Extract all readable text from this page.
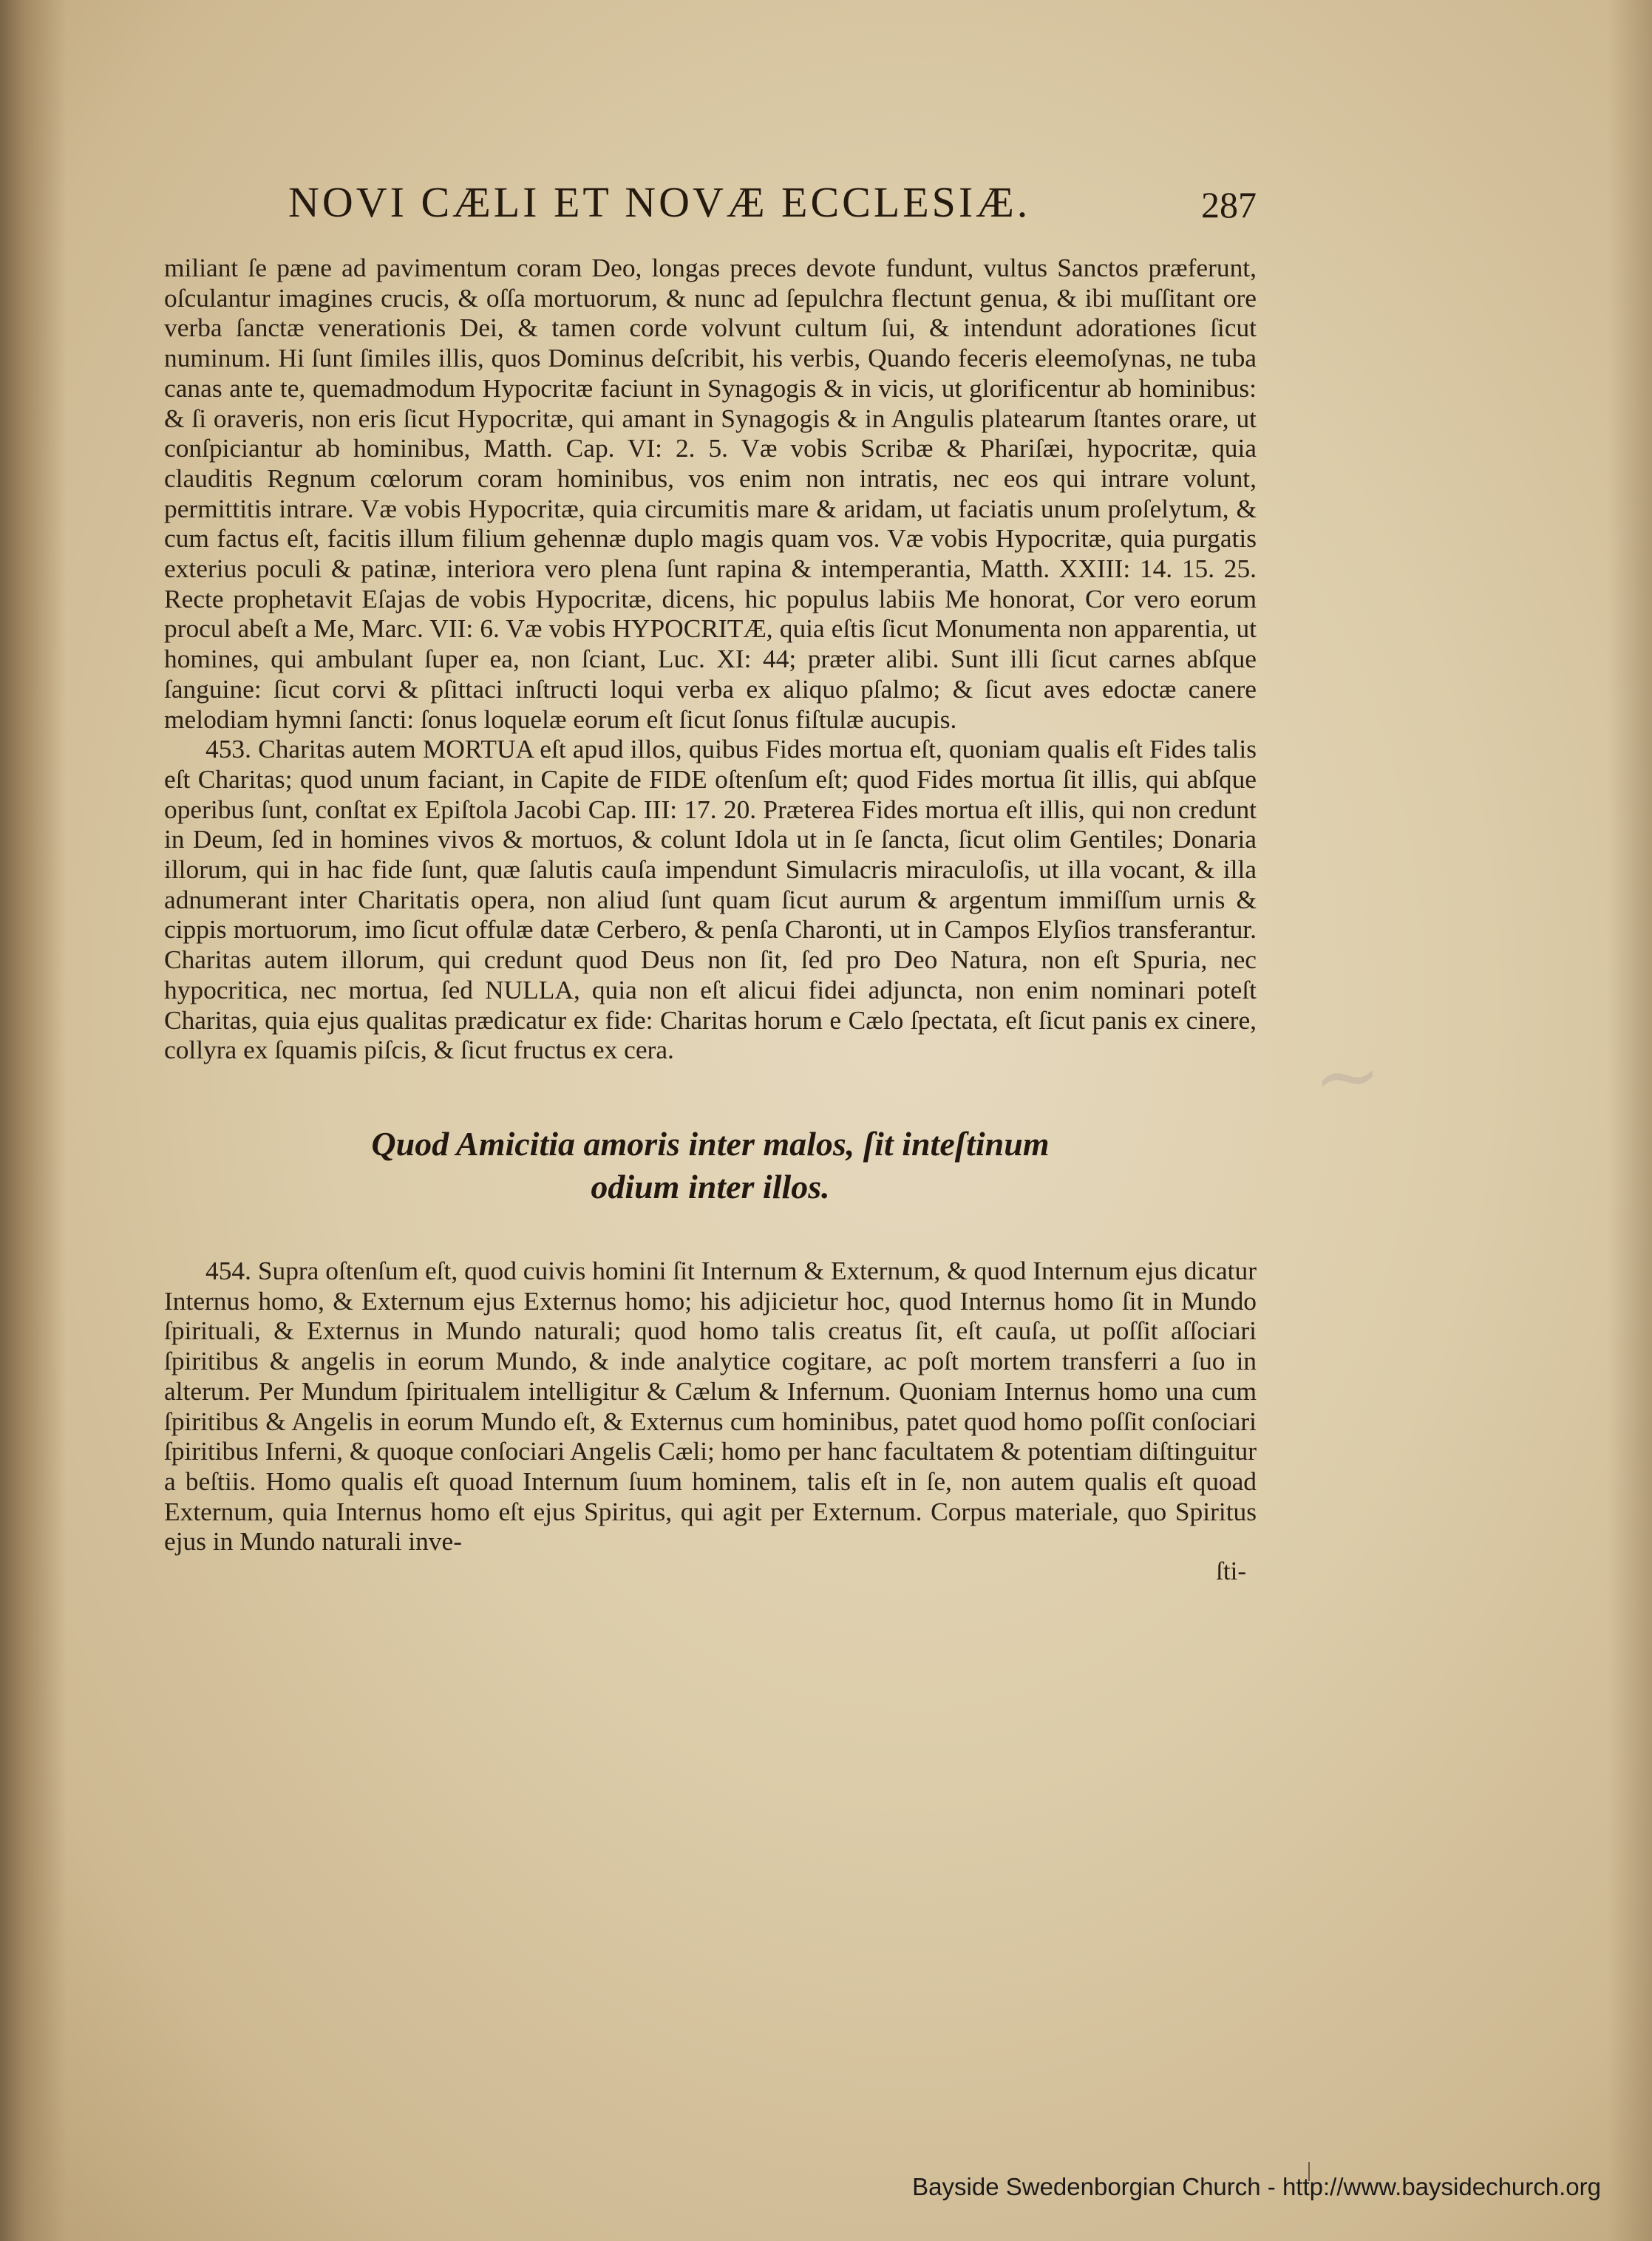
~
NOVI CÆLI ET NOVÆ ECCLESIÆ.	287

miliant ſe pæne ad pavimentum coram Deo, longas preces devote fundunt, vultus Sanctos præferunt, oſculantur imagines crucis, & oſſa mortuorum, & nunc ad ſepulchra flectunt genua, & ibi muſſitant ore verba ſanctæ venerationis Dei, & tamen corde volvunt cultum ſui, & intendunt adorationes ſicut numinum. Hi ſunt ſimiles illis, quos Dominus deſcribit, his verbis, Quando feceris eleemoſynas, ne tuba canas ante te, quemadmodum Hypocritæ faciunt in Synagogis & in vicis, ut glorificentur ab hominibus: & ſi oraveris, non eris ſicut Hypocritæ, qui amant in Synagogis & in Angulis platearum ſtantes orare, ut conſpiciantur ab hominibus, Matth. Cap. VI: 2. 5. Væ vobis Scribæ & Phariſæi, hypocritæ, quia clauditis Regnum cœlorum coram hominibus, vos enim non intratis, nec eos qui intrare volunt, permittitis intrare. Væ vobis Hypocritæ, quia circumitis mare & aridam, ut faciatis unum proſelytum, & cum factus eſt, facitis illum filium gehennæ duplo magis quam vos. Væ vobis Hypocritæ, quia purgatis exterius poculi & patinæ, interiora vero plena ſunt rapina & intemperantia, Matth. XXIII: 14. 15. 25. Recte prophetavit Eſajas de vobis Hypocritæ, dicens, hic populus labiis Me honorat, Cor vero eorum procul abeſt a Me, Marc. VII: 6. Væ vobis HYPOCRITÆ, quia eſtis ſicut Monumenta non apparentia, ut homines, qui ambulant ſuper ea, non ſciant, Luc. XI: 44; præter alibi. Sunt illi ſicut carnes abſque ſanguine: ſicut corvi & pſittaci inſtructi loqui verba ex aliquo pſalmo; & ſicut aves edoctæ canere melodiam hymni ſancti: ſonus loquelæ eorum eſt ſicut ſonus fiſtulæ aucupis.

453. Charitas autem MORTUA eſt apud illos, quibus Fides mortua eſt, quoniam qualis eſt Fides talis eſt Charitas; quod unum faciant, in Capite de FIDE oſtenſum eſt; quod Fides mortua ſit illis, qui abſque operibus ſunt, conſtat ex Epiſtola Jacobi Cap. III: 17. 20. Præterea Fides mortua eſt illis, qui non credunt in Deum, ſed in homines vivos & mortuos, & colunt Idola ut in ſe ſancta, ſicut olim Gentiles; Donaria illorum, qui in hac fide ſunt, quæ ſalutis cauſa impendunt Simulacris miraculoſis, ut illa vocant, & illa adnumerant inter Charitatis opera, non aliud ſunt quam ſicut aurum & argentum immiſſum urnis & cippis mortuorum, imo ſicut offulæ datæ Cerbero, & penſa Charonti, ut in Campos Elyſios transferantur. Charitas autem illorum, qui credunt quod Deus non ſit, ſed pro Deo Natura, non eſt Spuria, nec hypocritica, nec mortua, ſed NULLA, quia non eſt alicui fidei adjuncta, non enim nominari poteſt Charitas, quia ejus qualitas prædicatur ex fide: Charitas horum e Cælo ſpectata, eſt ſicut panis ex cinere, collyra ex ſquamis piſcis, & ſicut fructus ex cera.

Quod Amicitia amoris inter malos, ſit inteſtinum
odium inter illos.

454. Supra oſtenſum eſt, quod cuivis homini ſit Internum & Externum, & quod Internum ejus dicatur Internus homo, & Externum ejus Externus homo; his adjicietur hoc, quod Internus homo ſit in Mundo ſpirituali, & Externus in Mundo naturali; quod homo talis creatus ſit, eſt cauſa, ut poſſit aſſociari ſpiritibus & angelis in eorum Mundo, & inde analytice cogitare, ac poſt mortem transferri a ſuo in alterum. Per Mundum ſpiritualem intelligitur & Cælum & Infernum. Quoniam Internus homo una cum ſpiritibus & Angelis in eorum Mundo eſt, & Externus cum hominibus, patet quod homo poſſit conſociari ſpiritibus Inferni, & quoque conſociari Angelis Cæli; homo per hanc facultatem & potentiam diſtinguitur a beſtiis. Homo qualis eſt quoad Internum ſuum hominem, talis eſt in ſe, non autem qualis eſt quoad Externum, quia Internus homo eſt ejus Spiritus, qui agit per Externum. Corpus materiale, quo Spiritus ejus in Mundo naturali inve-

ſti-

Bayside Swedenborgian Church - http://www.baysidechurch.org
